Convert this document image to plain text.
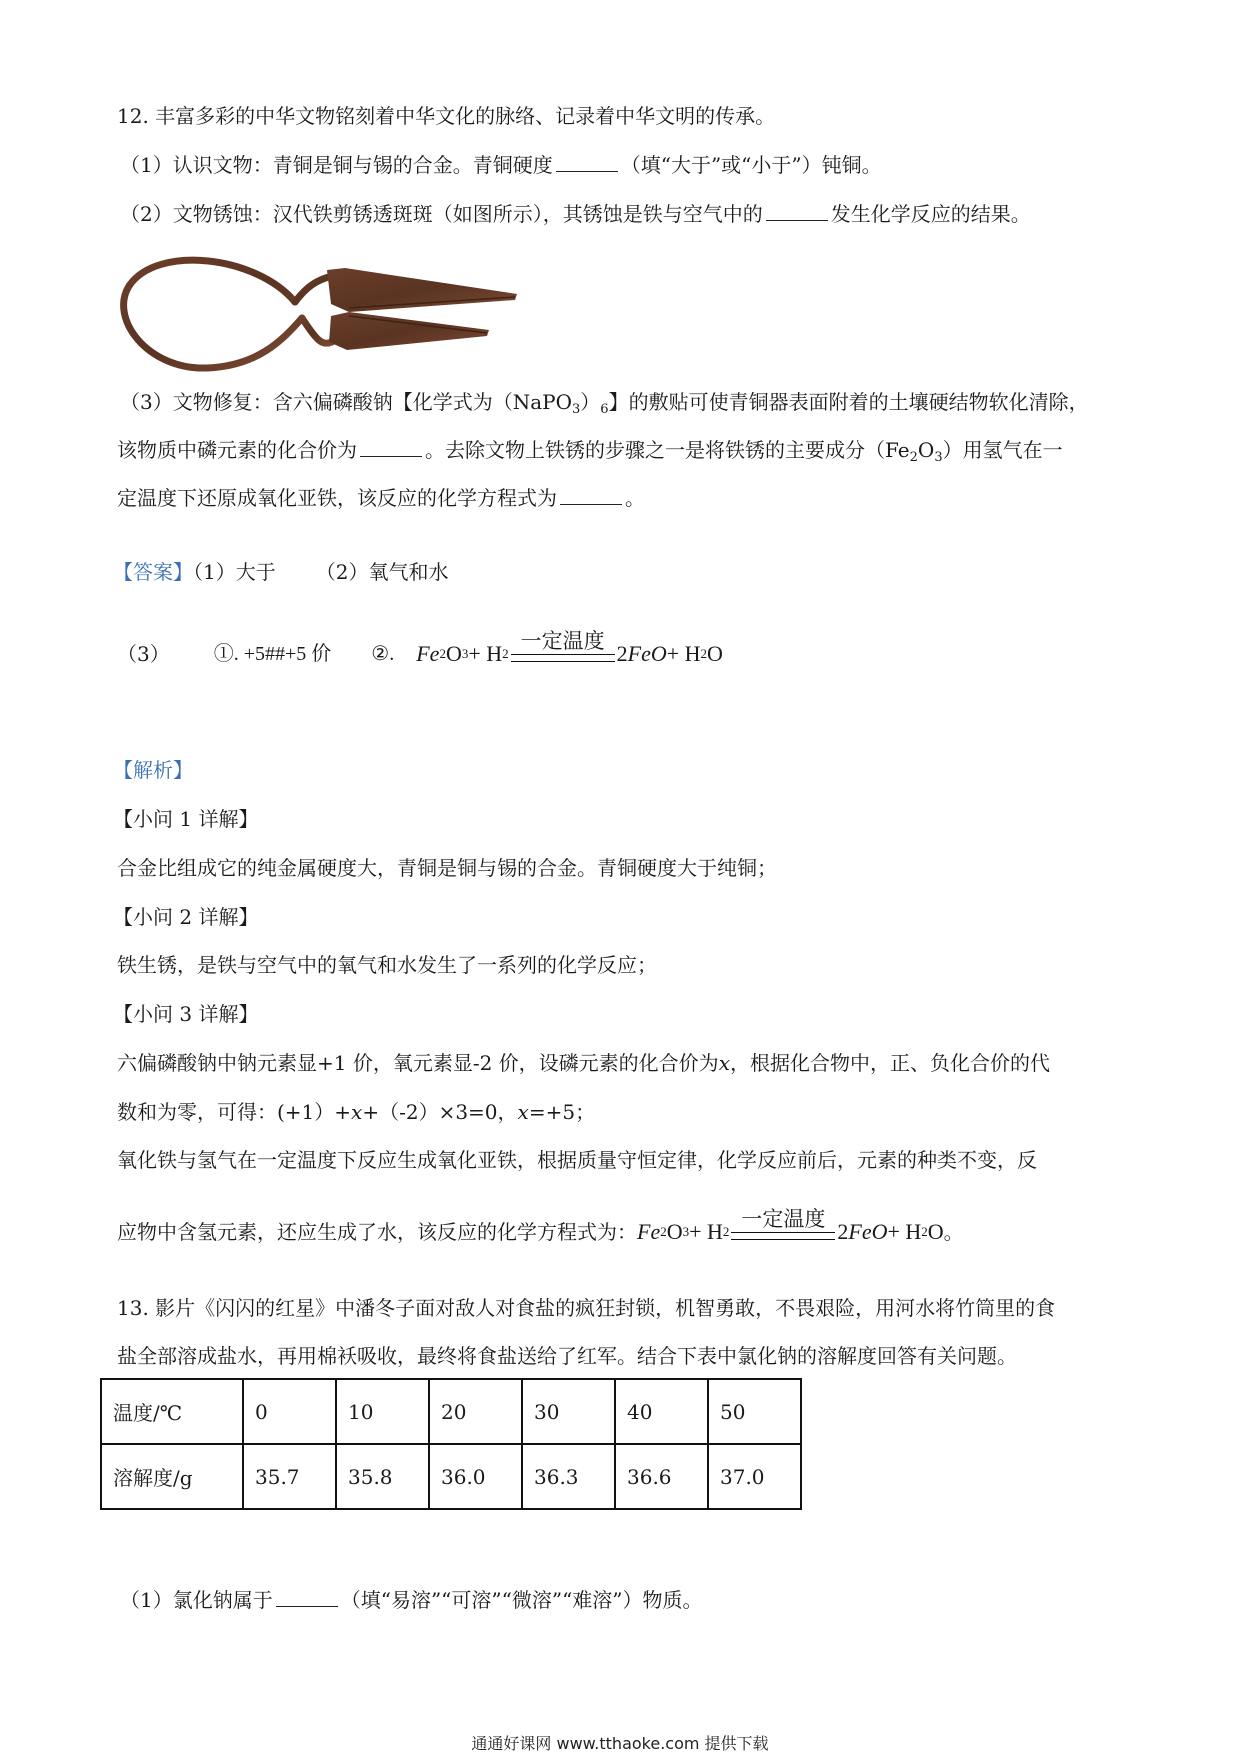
12. 丰富多彩的中华文物铭刻着中华文化的脉络、记录着中华文明的传承。
（1）认识文物：青铜是铜与锡的合金。青铜硬度	（填“大于”或“小于”）钝铜。
（2）文物锈蚀：汉代铁剪锈透斑斑（如图所示），其锈蚀是铁与空气中的	发生化学反应的结果。
（3）文物修复：含六偏磷酸钠【化学式为$(NaPO_3)_6$】的敷贴可使青铜器表面附着的土壤硬结物软化清除，
该物质中磷元素的化合价为	。去除文物上铁锈的步骤之一是将铁锈的主要成分$(Fe_2O_3)$用氢气在一
定温度下还原成氧化亚铁，该反应的化学方程式为	。
【答案】（1）大于 （2）氧气和水
（3） ①. +5##+5 价 ②. Fe 2 O 3 + H 2
一定温度 2 FeO + H 2 O
【解析】
【小问 1 详解】
合金比组成它的纯金属硬度大，青铜是铜与锡的合金。青铜硬度大于纯铜；
【小问 2 详解】
铁生锈，是铁与空气中的氧气和水发生了一系列的化学反应；
【小问 3 详解】
六偏磷酸钠中钠元素显+1 价，氧元素显-2 价，设磷元素的化合价为x，根据化合物中，正、负化合价的代
数和为零，可得：(+1）+x+（-2）×3=0，x=+5；
氧化铁与氢气在一定温度下反应生成氧化亚铁，根据质量守恒定律，化学反应前后，元素的种类不变，反
应物中含氢元素，还应生成了水，该反应的化学方程式为： Fe 2 O 3 + H 2
一定温度 2 FeO + H 2 O 。
13. 影片《闪闪的红星》中潘冬子面对敌人对食盐的疯狂封锁，机智勇敢，不畏艰险，用河水将竹筒里的食
盐全部溶成盐水，再用棉袄吸收，最终将食盐送给了红军。结合下表中氯化钠的溶解度回答有关问题。
温度/℃	0	10	20	30	40	50
溶解度/g	35.7	35.8	36.0	36.3	36.6	37.0
（1）氯化钠属于	（填“易溶”“可溶”“微溶”“难溶”）物质。
通通好课网 www.tthaoke.com 提供下载
